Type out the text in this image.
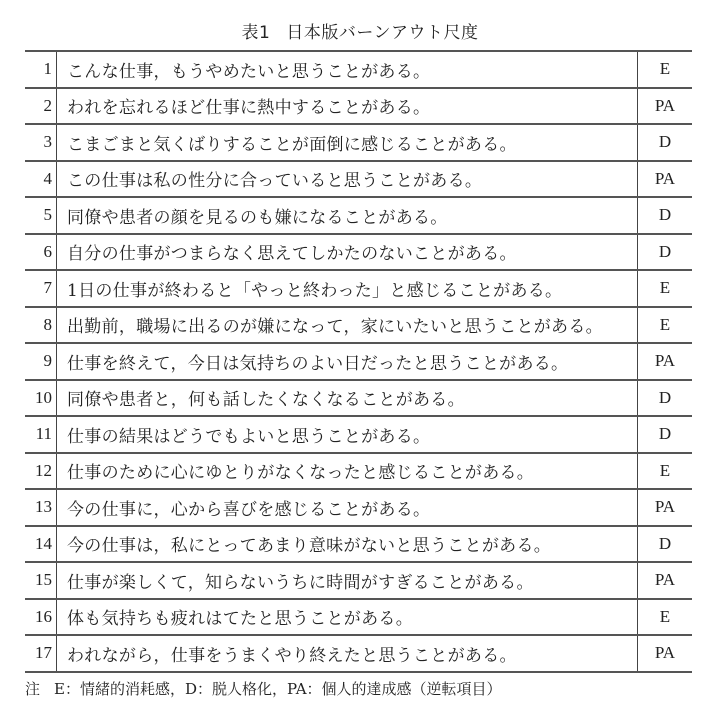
表1 日本版バーンアウト尺度
1	こんな仕事，もうやめたいと思うことがある。	E
2	われを忘れるほど仕事に熱中することがある。	PA
3	こまごまと気くばりすることが面倒に感じることがある。	D
4	この仕事は私の性分に合っていると思うことがある。	PA
5	同僚や患者の顔を見るのも嫌になることがある。	D
6	自分の仕事がつまらなく思えてしかたのないことがある。	D
7	1日の仕事が終わると「やっと終わった」と感じることがある。	E
8	出勤前，職場に出るのが嫌になって，家にいたいと思うことがある。	E
9	仕事を終えて，今日は気持ちのよい日だったと思うことがある。	PA
10	同僚や患者と，何も話したくなくなることがある。	D
11	仕事の結果はどうでもよいと思うことがある。	D
12	仕事のために心にゆとりがなくなったと感じることがある。	E
13	今の仕事に，心から喜びを感じることがある。	PA
14	今の仕事は，私にとってあまり意味がないと思うことがある。	D
15	仕事が楽しくて，知らないうちに時間がすぎることがある。	PA
16	体も気持ちも疲れはてたと思うことがある。	E
17	われながら，仕事をうまくやり終えたと思うことがある。	PA
注 E：情緒的消耗感，D：脱人格化，PA：個人的達成感（逆転項目）
